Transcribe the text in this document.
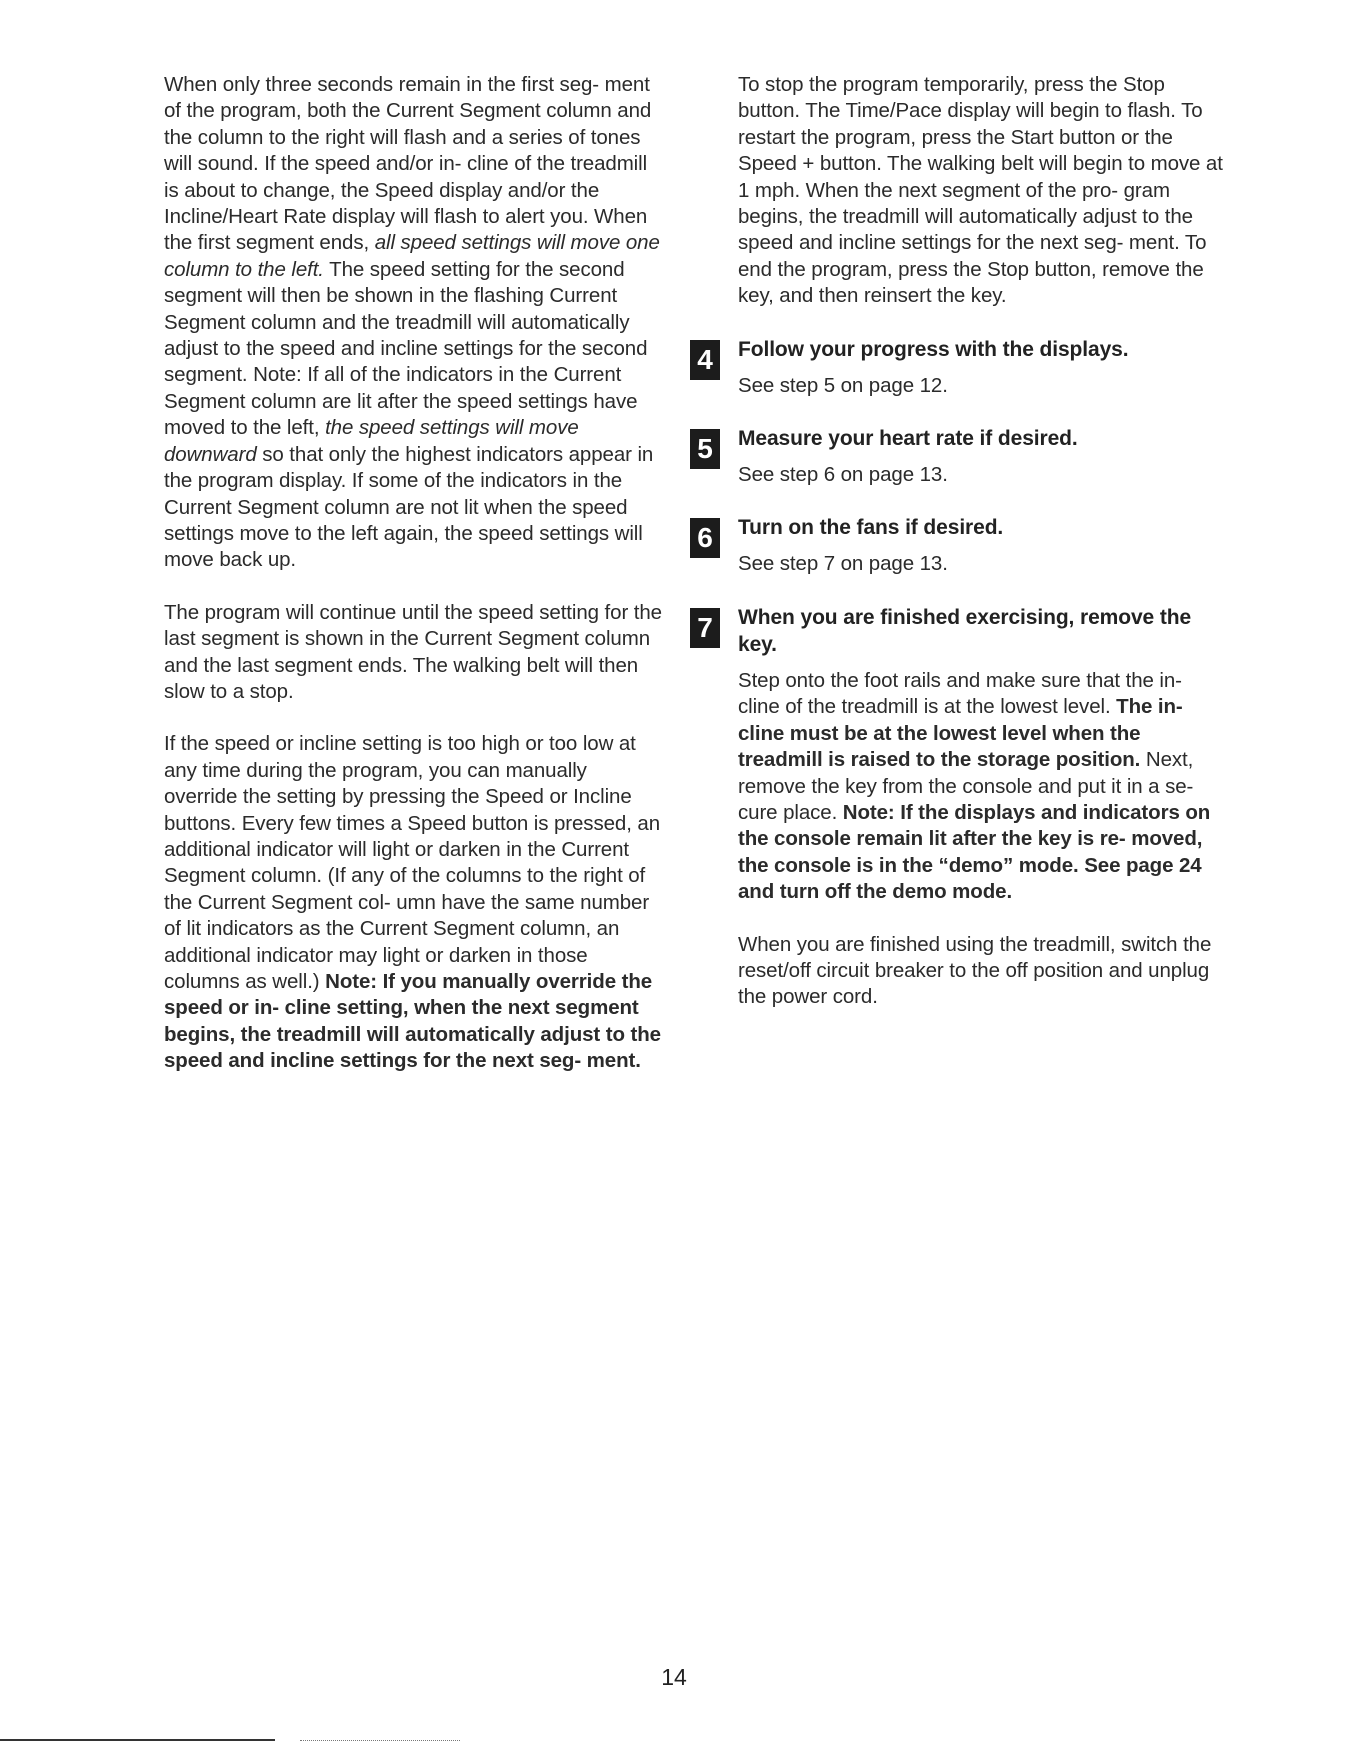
When only three seconds remain in the first seg- ment of the program, both the Current Segment column and the column to the right will flash and a series of tones will sound. If the speed and/or in- cline of the treadmill is about to change, the Speed display and/or the Incline/Heart Rate display will flash to alert you. When the first segment ends, all speed settings will move one column to the left. The speed setting for the second segment will then be shown in the flashing Current Segment column and the treadmill will automatically adjust to the speed and incline settings for the second segment. Note: If all of the indicators in the Current Segment column are lit after the speed settings have moved to the left, the speed settings will move downward so that only the highest indicators appear in the program display. If some of the indicators in the Current Segment column are not lit when the speed settings move to the left again, the speed settings will move back up.

The program will continue until the speed setting for the last segment is shown in the Current Segment column and the last segment ends. The walking belt will then slow to a stop.

If the speed or incline setting is too high or too low at any time during the program, you can manually override the setting by pressing the Speed or Incline buttons. Every few times a Speed button is pressed, an additional indicator will light or darken in the Current Segment column. (If any of the columns to the right of the Current Segment col- umn have the same number of lit indicators as the Current Segment column, an additional indicator may light or darken in those columns as well.) Note: If you manually override the speed or in- cline setting, when the next segment begins, the treadmill will automatically adjust to the speed and incline settings for the next seg- ment.

To stop the program temporarily, press the Stop button. The Time/Pace display will begin to flash. To restart the program, press the Start button or the Speed + button. The walking belt will begin to move at 1 mph. When the next segment of the pro- gram begins, the treadmill will automatically adjust to the speed and incline settings for the next seg- ment. To end the program, press the Stop button, remove the key, and then reinsert the key.

4	Follow your progress with the displays.

See step 5 on page 12.

5	Measure your heart rate if desired.

See step 6 on page 13.

6	Turn on the fans if desired.

See step 7 on page 13.

7	When you are finished exercising, remove the key.

Step onto the foot rails and make sure that the in- cline of the treadmill is at the lowest level. The in- cline must be at the lowest level when the treadmill is raised to the storage position. Next, remove the key from the console and put it in a se- cure place. Note: If the displays and indicators on the console remain lit after the key is re- moved, the console is in the “demo” mode. See page 24 and turn off the demo mode.

When you are finished using the treadmill, switch the reset/off circuit breaker to the off position and unplug the power cord.

14
